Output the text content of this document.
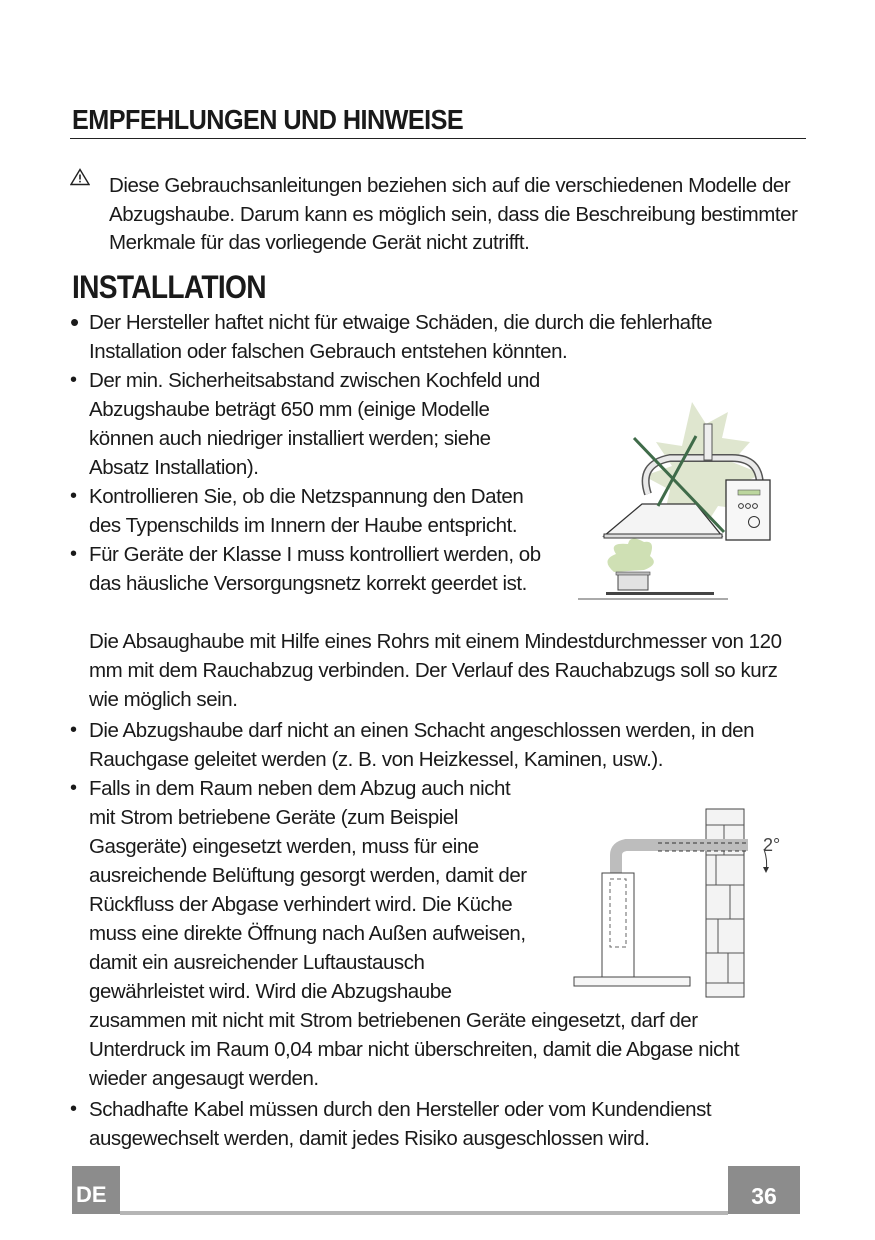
EMPFEHLUNGEN UND HINWEISE
Diese Gebrauchsanleitungen beziehen sich auf die verschiedenen Modelle der Abzugshaube. Darum kann es möglich sein, dass die Beschreibung bestimmter Merkmale für das vorliegende Gerät nicht zutrifft.
INSTALLATION
• Der Hersteller haftet nicht für etwaige Schäden, die durch die fehlerhafte Installation oder falschen Gebrauch entstehen könnten.
• Der min. Sicherheitsabstand zwischen Kochfeld und Abzugshaube beträgt 650 mm (einige Modelle können auch niedriger installiert werden; siehe Absatz Installation).
• Kontrollieren Sie, ob die Netzspannung den Daten des Typenschilds im Innern der Haube entspricht.
• Für Geräte der Klasse I muss kontrolliert werden, ob das häusliche Versorgungsnetz korrekt geerdet ist.
Die Absaughaube mit Hilfe eines Rohrs mit einem Mindestdurchmesser von 120 mm mit dem Rauchabzug verbinden. Der Verlauf des Rauchabzugs soll so kurz wie möglich sein.
• Die Abzugshaube darf nicht an einen Schacht angeschlossen werden, in den Rauchgase geleitet werden (z. B. von Heizkessel, Kaminen, usw.).
• Falls in dem Raum neben dem Abzug auch nicht mit Strom betriebene Geräte (zum Beispiel Gasgeräte) eingesetzt werden, muss für eine ausreichende Belüftung gesorgt werden, damit der Rückfluss der Abgase verhindert wird. Die Küche muss eine direkte Öffnung nach Außen aufweisen, damit ein ausreichender Luftaustausch gewährleistet wird. Wird die Abzugshaube zusammen mit nicht mit Strom betriebenen Geräte eingesetzt, darf der Unterdruck im Raum 0,04 mbar nicht überschreiten, damit die Abgase nicht wieder angesaugt werden.
• Schadhafte Kabel müssen durch den Hersteller oder vom Kundendienst ausgewechselt werden, damit jedes Risiko ausgeschlossen wird.
2°
DE	36
